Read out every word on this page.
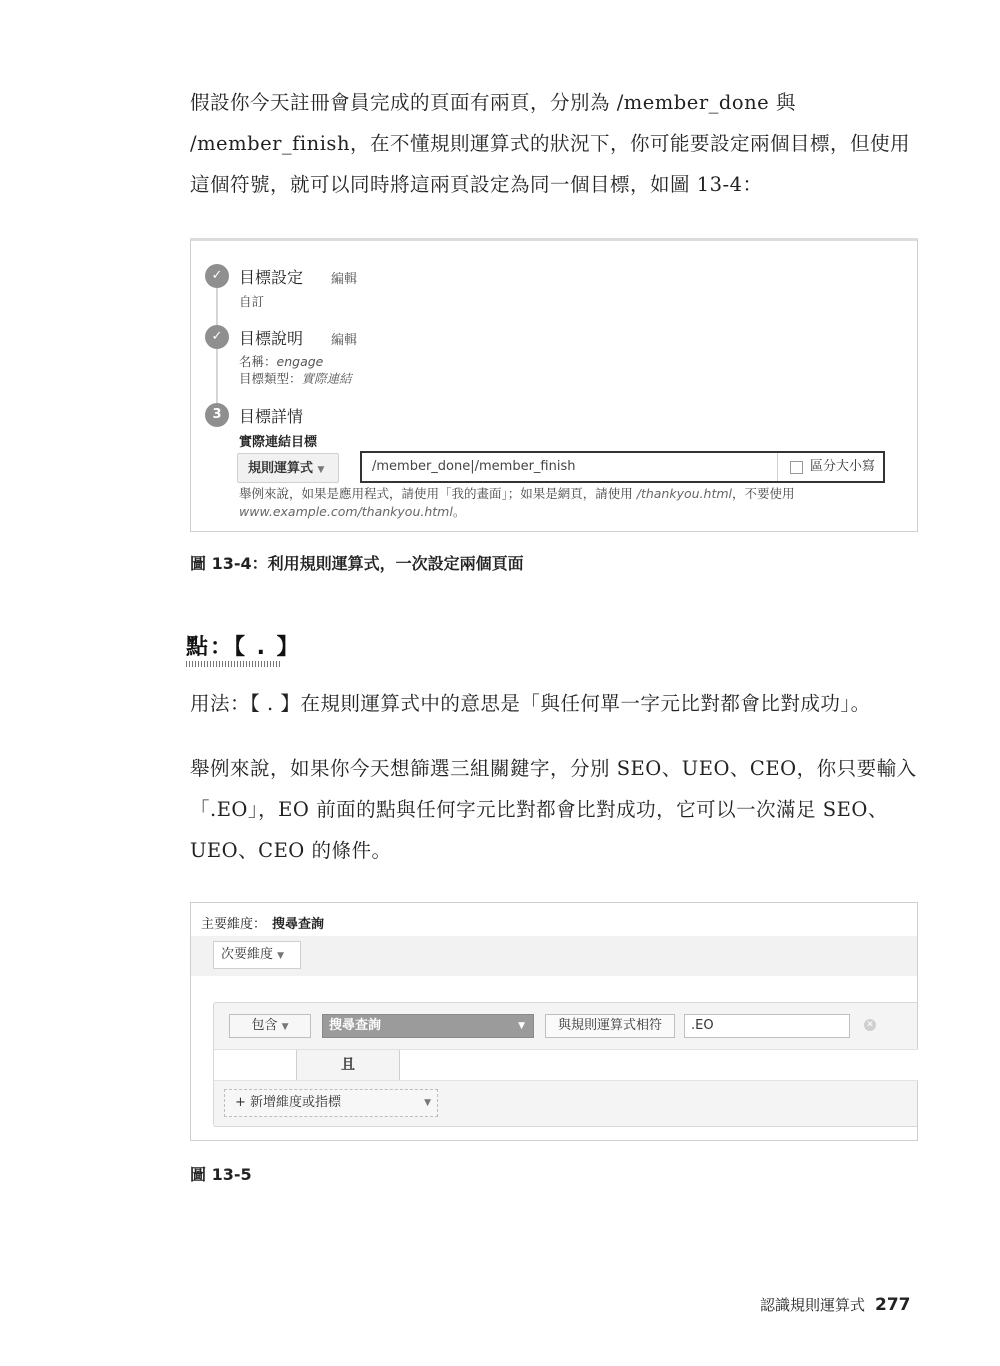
假設你今天註冊會員完成的頁面有兩頁，分別為 /member_done 與 /member_finish，在不懂規則運算式的狀況下，你可能要設定兩個目標，但使用這個符號，就可以同時將這兩頁設定為同一個目標，如圖 13-4：

✓	目標設定 編輯
自訂
✓	目標說明 編輯
名稱：engage
目標類型：實際連結
3	目標詳情
實際連結目標
規則運算式 ▼	/member_done|/member_finish	區分大小寫
舉例來說，如果是應用程式，請使用「我的畫面」；如果是網頁，請使用 /thankyou.html，不要使用
www.example.com/thankyou.html。
圖 13-4：利用規則運算式，一次設定兩個頁面
點：【 . 】

用法：【 . 】在規則運算式中的意思是「與任何單一字元比對都會比對成功」。

舉例來說，如果你今天想篩選三組關鍵字，分別 SEO、UEO、CEO，你只要輸入「.EO」，EO 前面的點與任何字元比對都會比對成功，它可以一次滿足 SEO、UEO、CEO 的條件。

主要維度： 搜尋查詢
次要維度 ▼
包含 ▼	搜尋查詢	▼	與規則運算式相符	.EO	✕
且
+ 新增維度或指標	▼
圖 13-5
認識規則運算式 277
